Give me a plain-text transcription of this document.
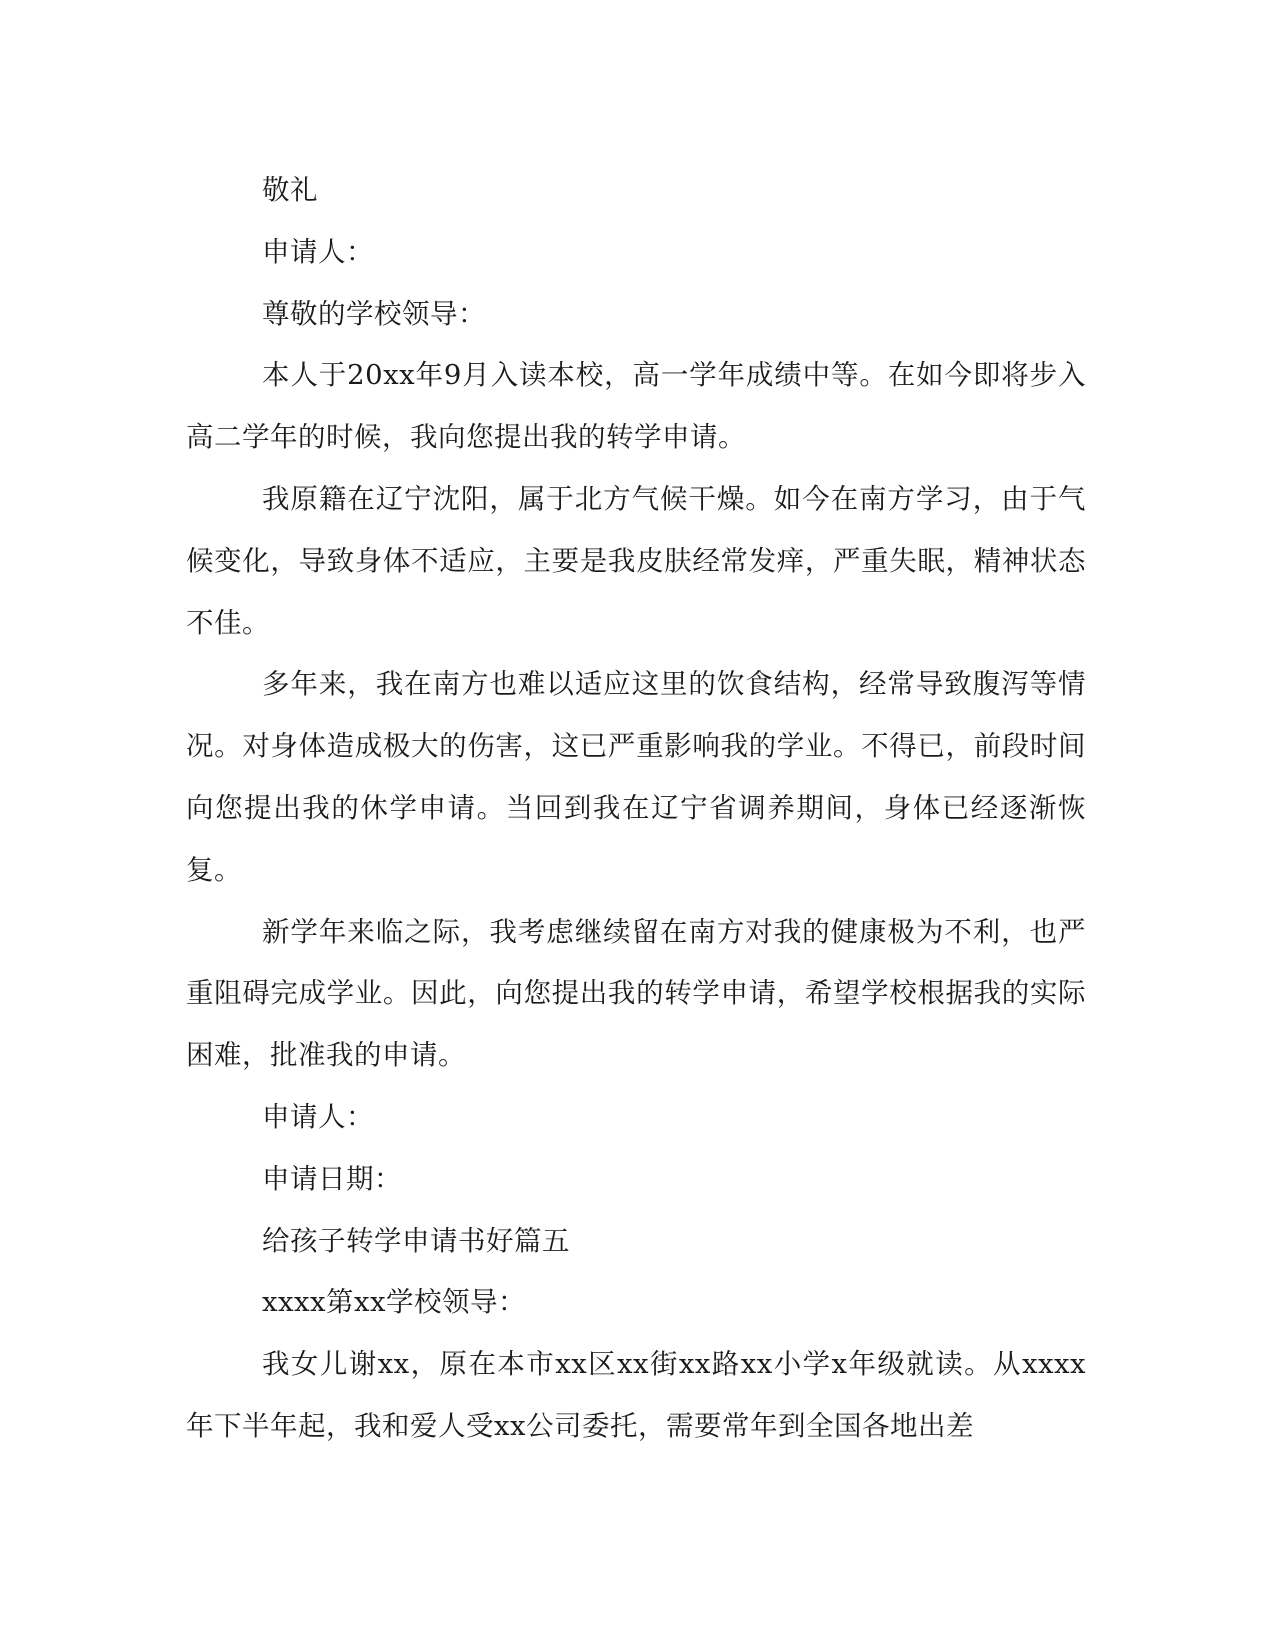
敬礼

申请人：

尊敬的学校领导：

本人于20xx年9月入读本校，高一学年成绩中等。在如今即将步入高二学年的时候，我向您提出我的转学申请。

我原籍在辽宁沈阳，属于北方气候干燥。如今在南方学习，由于气候变化，导致身体不适应，主要是我皮肤经常发痒，严重失眠，精神状态不佳。

多年来，我在南方也难以适应这里的饮食结构，经常导致腹泻等情况。对身体造成极大的伤害，这已严重影响我的学业。不得已，前段时间向您提出我的休学申请。当回到我在辽宁省调养期间，身体已经逐渐恢复。

新学年来临之际，我考虑继续留在南方对我的健康极为不利，也严重阻碍完成学业。因此，向您提出我的转学申请，希望学校根据我的实际困难，批准我的申请。

申请人：

申请日期：

给孩子转学申请书好篇五

xxxx第xx学校领导：

我女儿谢xx，原在本市xx区xx街xx路xx小学x年级就读。从xxxx年下半年起，我和爱人受xx公司委托，需要常年到全国各地出差
